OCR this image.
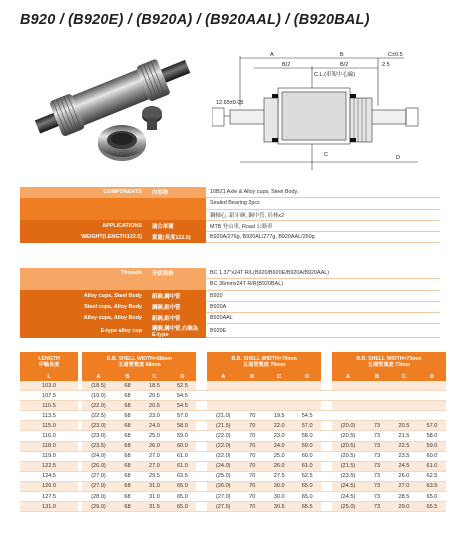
B920 / (B920E) / (B920A) / (B920AAL) / (B920BAL)
A	B
B/2	B/2
C±0.5
2.5
C.L.(車架中心線)
12.65±0.05
C	D
COMPONENTS	內容物	10B21 Axle & Alloy cups, Steel Body,
		Sealed Bearing 2pcs
		鋼軸心, 鋁牙碗, 鋼中管, 培林x2
APPLICATIONS	適合車種	MTB 登山車, Road 公路車
WEIGHT(LENGTH122.5)	重量(長度122.5)	B920A/276g, B920AL/277g, B920AAL/250g
Threads	牙紋規格	BC 1.37"x24T R/L(B920/B920E/B920A/B920AAL)
		BC 36mmx24T R/R(B920BAL)
Alloy cups, Steel Body	鋁碗,鋼中管	B920
Steel cups, Alloy Body	鋼碗,鋁中管	B920A
Alloy cups, Alloy Body	鋁碗,鋁中管	B920AAL
E-type alloy cup	鋼碗,鋼中管,右碗為 E-type	B920E
LENGTH
中軸長度		B.B. SHELL WIDTH=68mm
五通管寬度 68mm					B.B. SHELL WIDTH=70mm
五通管寬度 70mm					B.B. SHELL WIDTH=73mm
五通管寬度 73mm			
L		A	B	C	D		A	B	C	D		A	B	C	D
103.0		(18.5)	68	18.5	52.5										
107.5		(19.0)	68	20.5	54.5										
110.5		(22.0)	68	20.5	54.5										
113.5		(22.5)	68	23.0	57.0		(21.0)	70	19.5	54.5					
115.0		(23.0)	68	24.0	58.0		(21.5)	70	22.0	57.0		(20.0)	73	20.5	57.0
116.0		(23.0)	68	25.0	59.0		(22.0)	70	23.0	58.0		(20.5)	73	21.5	58.0
118.0		(23.5)	68	26.0	60.0		(22.0)	70	24.0	59.0		(20.5)	73	22.5	59.0
119.0		(24.0)	68	27.0	61.0		(22.0)	70	25.0	60.0		(20.5)	73	23.5	60.0
122.5		(26.0)	68	27.0	61.0		(24.0)	70	26.0	61.0		(21.5)	73	24.5	61.0
124.5		(27.0)	68	29.5	63.5		(25.0)	70	27.5	62.5		(23.5)	73	26.0	62.5
126.0		(27.0)	68	31.0	65.0		(26.0)	70	30.0	65.0		(24.5)	73	27.0	63.5
127.5		(28.0)	68	31.0	65.0		(27.0)	70	30.0	65.0		(24.5)	73	28.5	65.0
131.0		(29.0)	68	31.5	65.0		(27.5)	70	30.5	65.5		(25.0)	73	29.0	65.5
